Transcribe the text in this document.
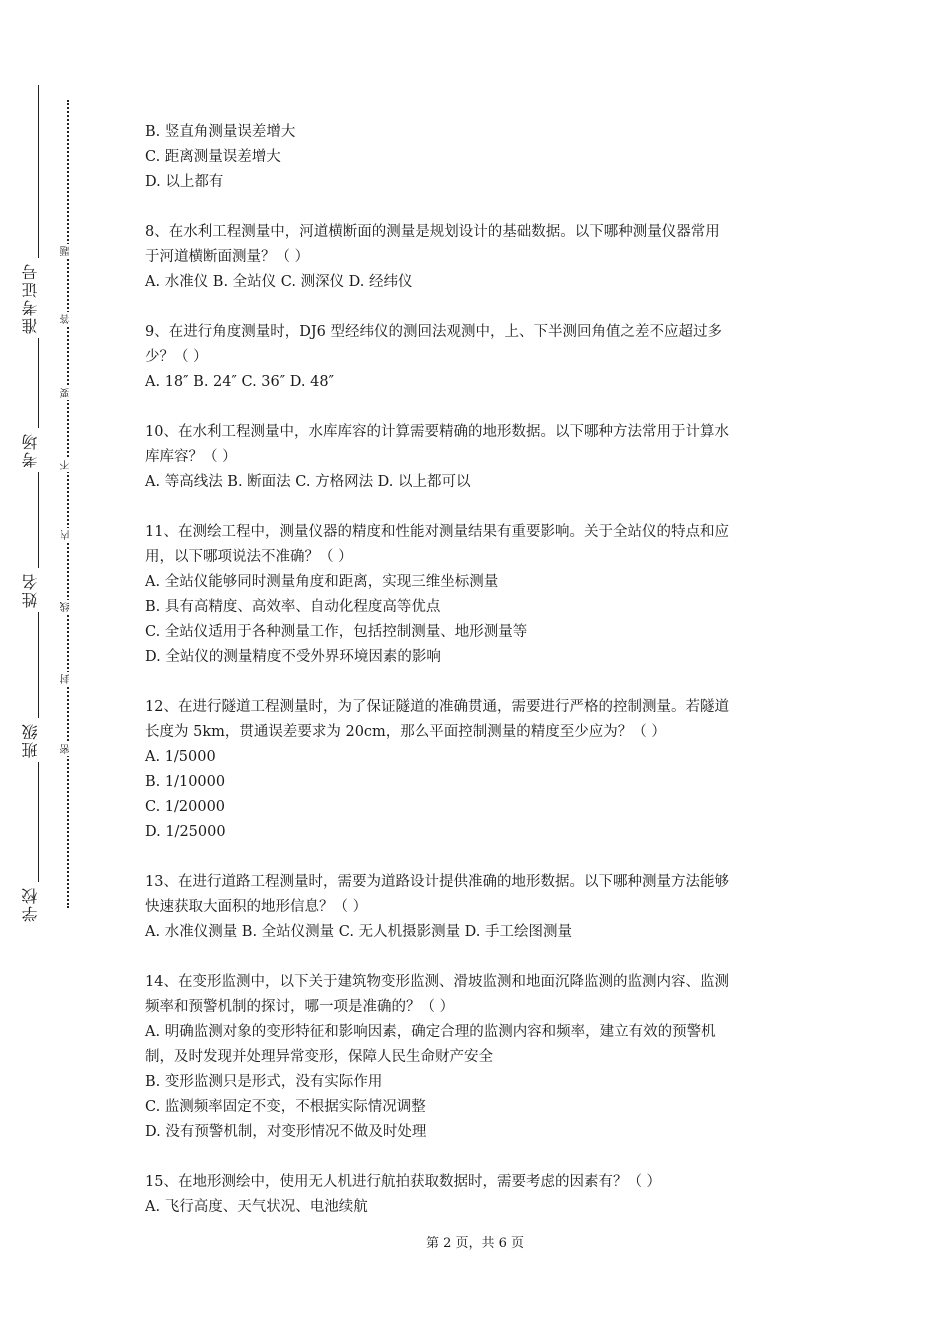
准考证号
考场
姓名
班级
学校
题
答
要
不
内
线
封
密
B. 竖直角测量误差增大
C. 距离测量误差增大
D. 以上都有
8、在水利工程测量中，河道横断面的测量是规划设计的基础数据。以下哪种测量仪器常用
于河道横断面测量？（ ）
A. 水准仪 B. 全站仪 C. 测深仪 D. 经纬仪
9、在进行角度测量时，DJ6 型经纬仪的测回法观测中，上、下半测回角值之差不应超过多
少？（ ）
A. 18″ B. 24″ C. 36″ D. 48″
10、在水利工程测量中，水库库容的计算需要精确的地形数据。以下哪种方法常用于计算水
库库容？（ ）
A. 等高线法 B. 断面法 C. 方格网法 D. 以上都可以
11、在测绘工程中，测量仪器的精度和性能对测量结果有重要影响。关于全站仪的特点和应
用，以下哪项说法不准确？（ ）
A. 全站仪能够同时测量角度和距离，实现三维坐标测量
B. 具有高精度、高效率、自动化程度高等优点
C. 全站仪适用于各种测量工作，包括控制测量、地形测量等
D. 全站仪的测量精度不受外界环境因素的影响
12、在进行隧道工程测量时，为了保证隧道的准确贯通，需要进行严格的控制测量。若隧道
长度为 5km，贯通误差要求为 20cm，那么平面控制测量的精度至少应为？（ ）
A. 1/5000
B. 1/10000
C. 1/20000
D. 1/25000
13、在进行道路工程测量时，需要为道路设计提供准确的地形数据。以下哪种测量方法能够
快速获取大面积的地形信息？（ ）
A. 水准仪测量 B. 全站仪测量 C. 无人机摄影测量 D. 手工绘图测量
14、在变形监测中，以下关于建筑物变形监测、滑坡监测和地面沉降监测的监测内容、监测
频率和预警机制的探讨，哪一项是准确的？（ ）
A. 明确监测对象的变形特征和影响因素，确定合理的监测内容和频率，建立有效的预警机
制，及时发现并处理异常变形，保障人民生命财产安全
B. 变形监测只是形式，没有实际作用
C. 监测频率固定不变，不根据实际情况调整
D. 没有预警机制，对变形情况不做及时处理
15、在地形测绘中，使用无人机进行航拍获取数据时，需要考虑的因素有？（ ）
A. 飞行高度、天气状况、电池续航
第 2 页，共 6 页
